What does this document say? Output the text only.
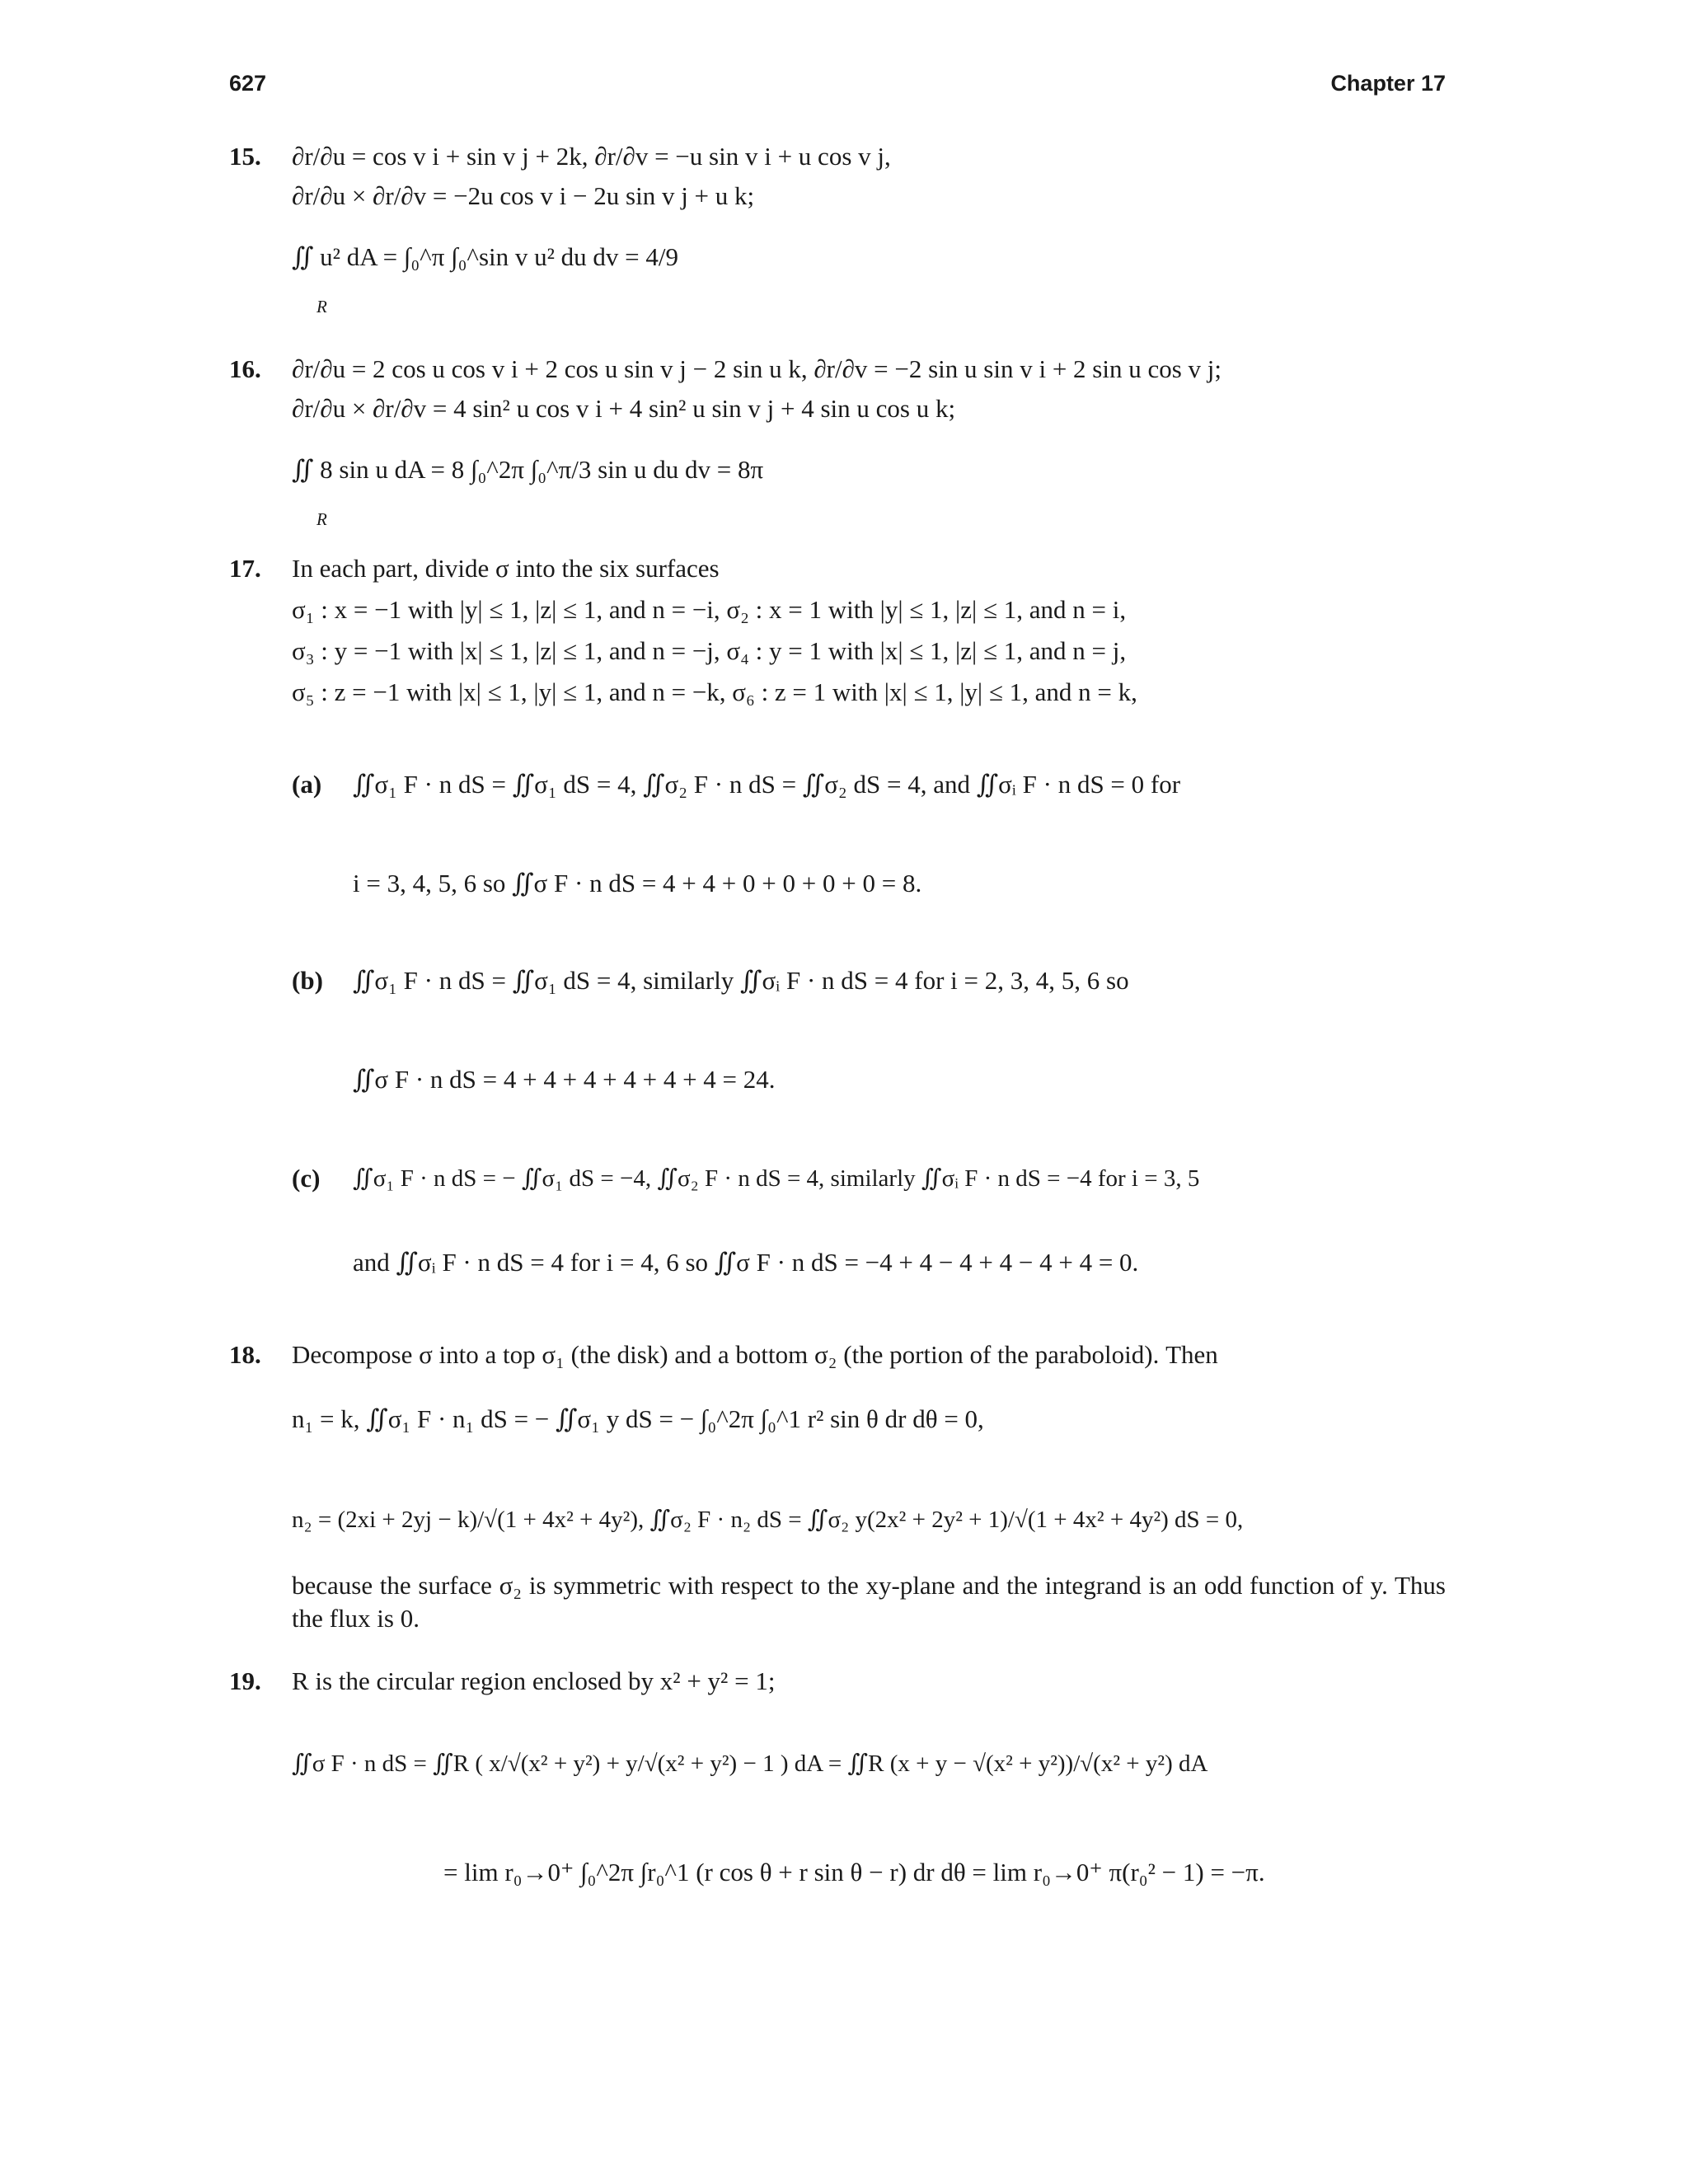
627	Chapter 17
15. ∂r/∂u = cos v i + sin v j + 2k, ∂r/∂v = −u sin v i + u cos v j,
∂r/∂u × ∂r/∂v = −2u cos v i − 2u sin v j + u k;
∬ u² dA = ∫₀^π ∫₀^sin v u² du dv = 4/9
R
16. ∂r/∂u = 2 cos u cos v i + 2 cos u sin v j − 2 sin u k, ∂r/∂v = −2 sin u sin v i + 2 sin u cos v j;
∂r/∂u × ∂r/∂v = 4 sin² u cos v i + 4 sin² u sin v j + 4 sin u cos u k;
∬ 8 sin u dA = 8 ∫₀^2π ∫₀^π/3 sin u du dv = 8π
R
17. In each part, divide σ into the six surfaces
σ₁ : x = −1 with |y| ≤ 1, |z| ≤ 1, and n = −i, σ₂ : x = 1 with |y| ≤ 1, |z| ≤ 1, and n = i,
σ₃ : y = −1 with |x| ≤ 1, |z| ≤ 1, and n = −j, σ₄ : y = 1 with |x| ≤ 1, |z| ≤ 1, and n = j,
σ₅ : z = −1 with |x| ≤ 1, |y| ≤ 1, and n = −k, σ₆ : z = 1 with |x| ≤ 1, |y| ≤ 1, and n = k,
(a) ∬σ₁ F · n dS = ∬σ₁ dS = 4, ∬σ₂ F · n dS = ∬σ₂ dS = 4, and ∬σᵢ F · n dS = 0 for
i = 3, 4, 5, 6 so ∬σ F · n dS = 4 + 4 + 0 + 0 + 0 + 0 = 8.
(b) ∬σ₁ F · n dS = ∬σ₁ dS = 4, similarly ∬σᵢ F · n dS = 4 for i = 2, 3, 4, 5, 6 so
∬σ F · n dS = 4 + 4 + 4 + 4 + 4 + 4 = 24.
(c) ∬σ₁ F · n dS = − ∬σ₁ dS = −4, ∬σ₂ F · n dS = 4, similarly ∬σᵢ F · n dS = −4 for i = 3, 5
and ∬σᵢ F · n dS = 4 for i = 4, 6 so ∬σ F · n dS = −4 + 4 − 4 + 4 − 4 + 4 = 0.
18. Decompose σ into a top σ₁ (the disk) and a bottom σ₂ (the portion of the paraboloid). Then
n₁ = k, ∬σ₁ F · n₁ dS = − ∬σ₁ y dS = − ∫₀^2π ∫₀^1 r² sin θ dr dθ = 0,
n₂ = (2xi + 2yj − k)/√(1 + 4x² + 4y²), ∬σ₂ F · n₂ dS = ∬σ₂ y(2x² + 2y² + 1)/√(1 + 4x² + 4y²) dS = 0,
because the surface σ₂ is symmetric with respect to the xy-plane and the integrand is an odd function of y. Thus the flux is 0.
19. R is the circular region enclosed by x² + y² = 1;
∬σ F · n dS = ∬R ( x/√(x² + y²) + y/√(x² + y²) − 1 ) dA = ∬R (x + y − √(x² + y²))/√(x² + y²) dA
= lim r₀→0⁺ ∫₀^2π ∫r₀^1 (r cos θ + r sin θ − r) dr dθ = lim r₀→0⁺ π(r₀² − 1) = −π.
